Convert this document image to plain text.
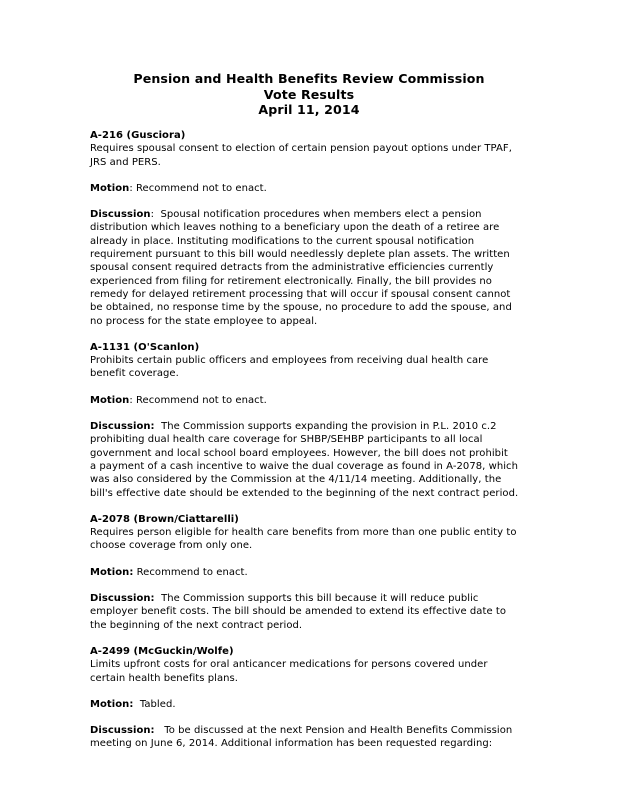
Pension and Health Benefits Review Commission
Vote Results
April 11, 2014
A-216 (Gusciora)
Requires spousal consent to election of certain pension payout options under TPAF,
JRS and PERS.
Motion: Recommend not to enact.
Discussion:  Spousal notification procedures when members elect a pension
distribution which leaves nothing to a beneficiary upon the death of a retiree are
already in place. Instituting modifications to the current spousal notification
requirement pursuant to this bill would needlessly deplete plan assets. The written
spousal consent required detracts from the administrative efficiencies currently
experienced from filing for retirement electronically. Finally, the bill provides no
remedy for delayed retirement processing that will occur if spousal consent cannot
be obtained, no response time by the spouse, no procedure to add the spouse, and
no process for the state employee to appeal.
A-1131 (O'Scanlon)
Prohibits certain public officers and employees from receiving dual health care
benefit coverage.
Motion: Recommend not to enact.
Discussion:  The Commission supports expanding the provision in P.L. 2010 c.2
prohibiting dual health care coverage for SHBP/SEHBP participants to all local
government and local school board employees. However, the bill does not prohibit
a payment of a cash incentive to waive the dual coverage as found in A-2078, which
was also considered by the Commission at the 4/11/14 meeting. Additionally, the
bill's effective date should be extended to the beginning of the next contract period.
A-2078 (Brown/Ciattarelli)
Requires person eligible for health care benefits from more than one public entity to
choose coverage from only one.
Motion: Recommend to enact.
Discussion:  The Commission supports this bill because it will reduce public
employer benefit costs. The bill should be amended to extend its effective date to
the beginning of the next contract period.
A-2499 (McGuckin/Wolfe)
Limits upfront costs for oral anticancer medications for persons covered under
certain health benefits plans.
Motion:  Tabled.
Discussion:   To be discussed at the next Pension and Health Benefits Commission
meeting on June 6, 2014. Additional information has been requested regarding:
